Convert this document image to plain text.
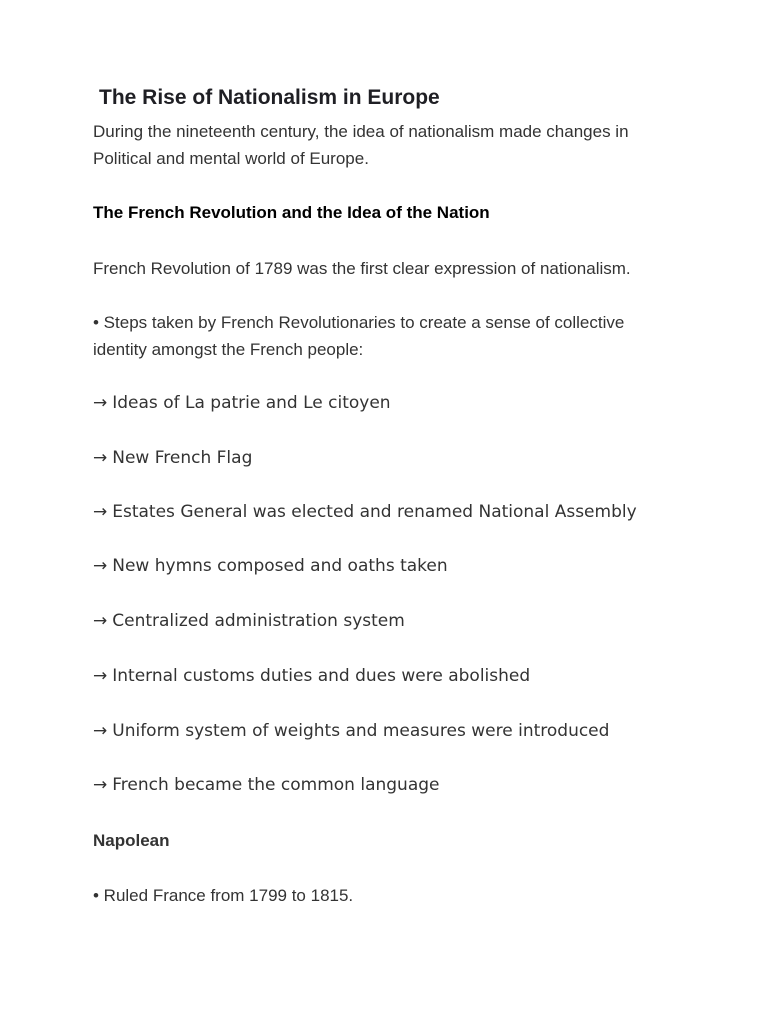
The Rise of Nationalism in Europe
During the nineteenth century, the idea of nationalism made changes in Political and mental world of Europe.
The French Revolution and the Idea of the Nation
French Revolution of 1789 was the first clear expression of nationalism.
• Steps taken by French Revolutionaries to create a sense of collective identity amongst the French people:
→ Ideas of La patrie and Le citoyen
→ New French Flag
→ Estates General was elected and renamed National Assembly
→ New hymns composed and oaths taken
→ Centralized administration system
→ Internal customs duties and dues were abolished
→ Uniform system of weights and measures were introduced
→ French became the common language
Napolean
• Ruled France from 1799 to 1815.
